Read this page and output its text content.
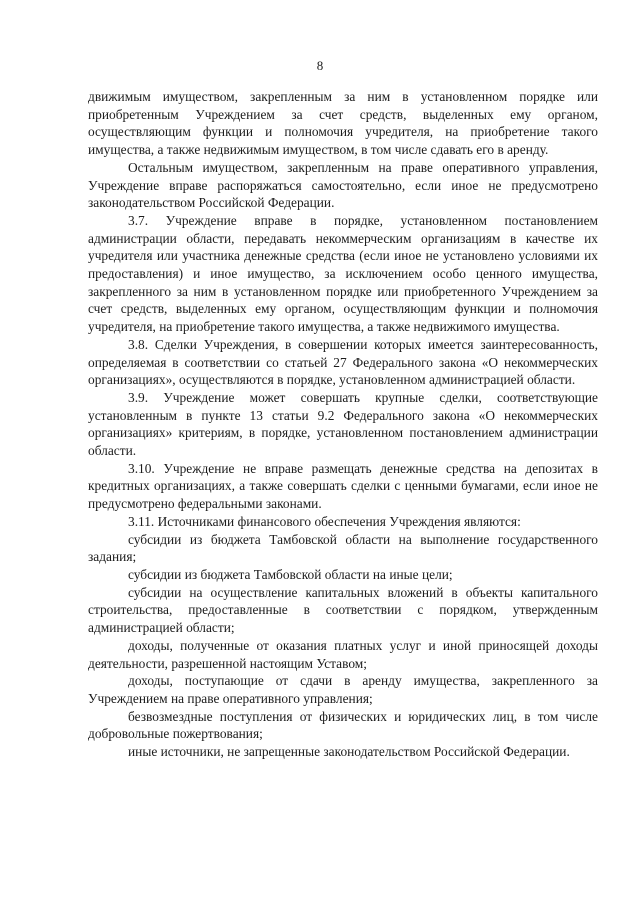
8

движимым имуществом, закрепленным за ним в установленном порядке или приобретенным Учреждением за счет средств, выделенных ему органом, осуществляющим функции и полномочия учредителя, на приобретение такого имущества, а также недвижимым имуществом, в том числе сдавать его в аренду.

Остальным имуществом, закрепленным на праве оперативного управления, Учреждение вправе распоряжаться самостоятельно, если иное не предусмотрено законодательством Российской Федерации.

3.7. Учреждение вправе в порядке, установленном постановлением администрации области, передавать некоммерческим организациям в качестве их учредителя или участника денежные средства (если иное не установлено условиями их предоставления) и иное имущество, за исключением особо ценного имущества, закрепленного за ним в установленном порядке или приобретенного Учреждением за счет средств, выделенных ему органом, осуществляющим функции и полномочия учредителя, на приобретение такого имущества, а также недвижимого имущества.

3.8. Сделки Учреждения, в совершении которых имеется заинтересованность, определяемая в соответствии со статьей 27 Федерального закона «О некоммерческих организациях», осуществляются в порядке, установленном администрацией области.

3.9. Учреждение может совершать крупные сделки, соответствующие установленным в пункте 13 статьи 9.2 Федерального закона «О некоммерческих организациях» критериям, в порядке, установленном постановлением администрации области.

3.10. Учреждение не вправе размещать денежные средства на депозитах в кредитных организациях, а также совершать сделки с ценными бумагами, если иное не предусмотрено федеральными законами.

3.11. Источниками финансового обеспечения Учреждения являются:

субсидии из бюджета Тамбовской области на выполнение государственного задания;

субсидии из бюджета Тамбовской области на иные цели;

субсидии на осуществление капитальных вложений в объекты капитального строительства, предоставленные в соответствии с порядком, утвержденным администрацией области;

доходы, полученные от оказания платных услуг и иной приносящей доходы деятельности, разрешенной настоящим Уставом;

доходы, поступающие от сдачи в аренду имущества, закрепленного за Учреждением на праве оперативного управления;

безвозмездные поступления от физических и юридических лиц, в том числе добровольные пожертвования;

иные источники, не запрещенные законодательством Российской Федерации.
